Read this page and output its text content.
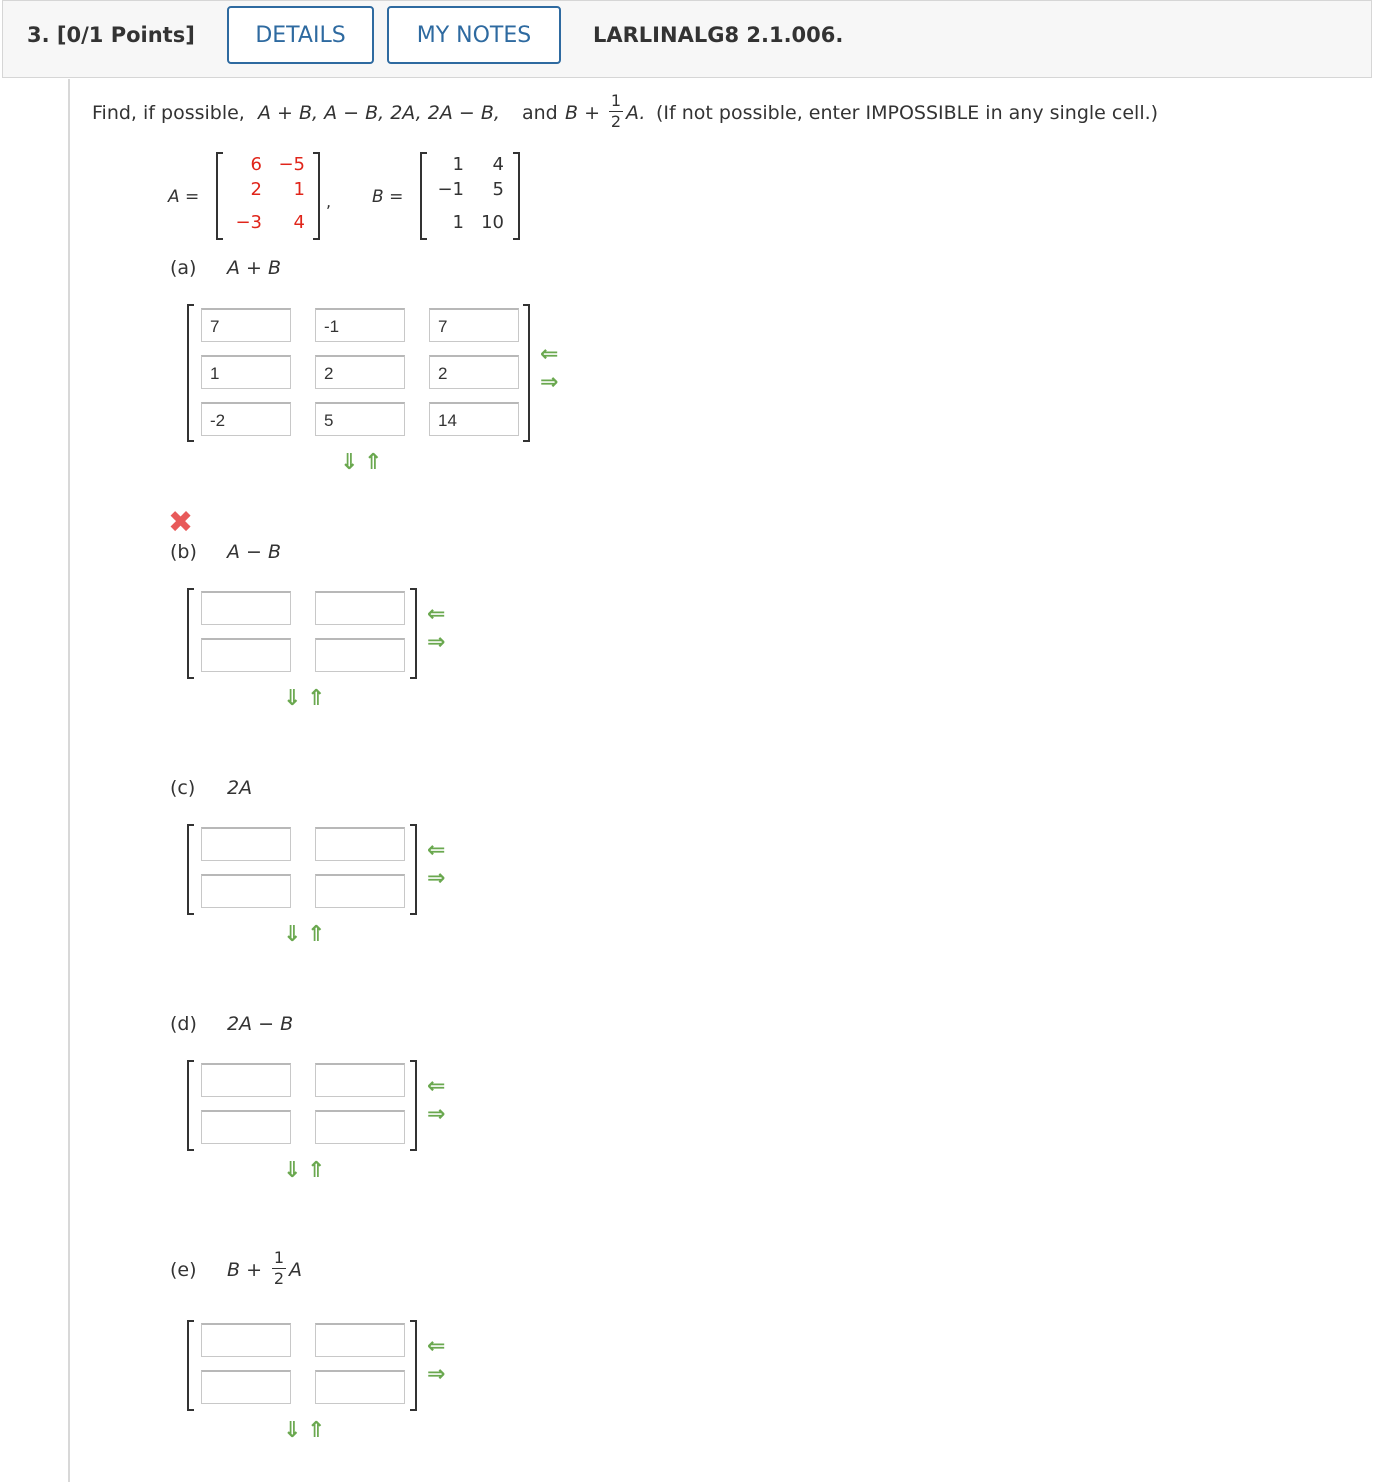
3. [0/1 Points]	DETAILS	MY NOTES	LARLINALG8 2.1.006.
Find, if possible, A + B, A − B, 2A, 2A − B, and B +
1
2 A. (If not possible, enter IMPOSSIBLE in any single cell.)
A =
6 −5
2	1
−3	4
, B =
1	4
−1	5
1 10
(a) A + B
7	-1	7
1	2	2
-2	5	14
⇐
⇒
⇓ ⇑
✖
(b) A − B
⇐
⇒
⇓ ⇑
(c) 2A
⇐
⇒
⇓ ⇑
(d) 2A − B
⇐
⇒
⇓ ⇑
(e) B +
1
2 A
⇐
⇒
⇓ ⇑
